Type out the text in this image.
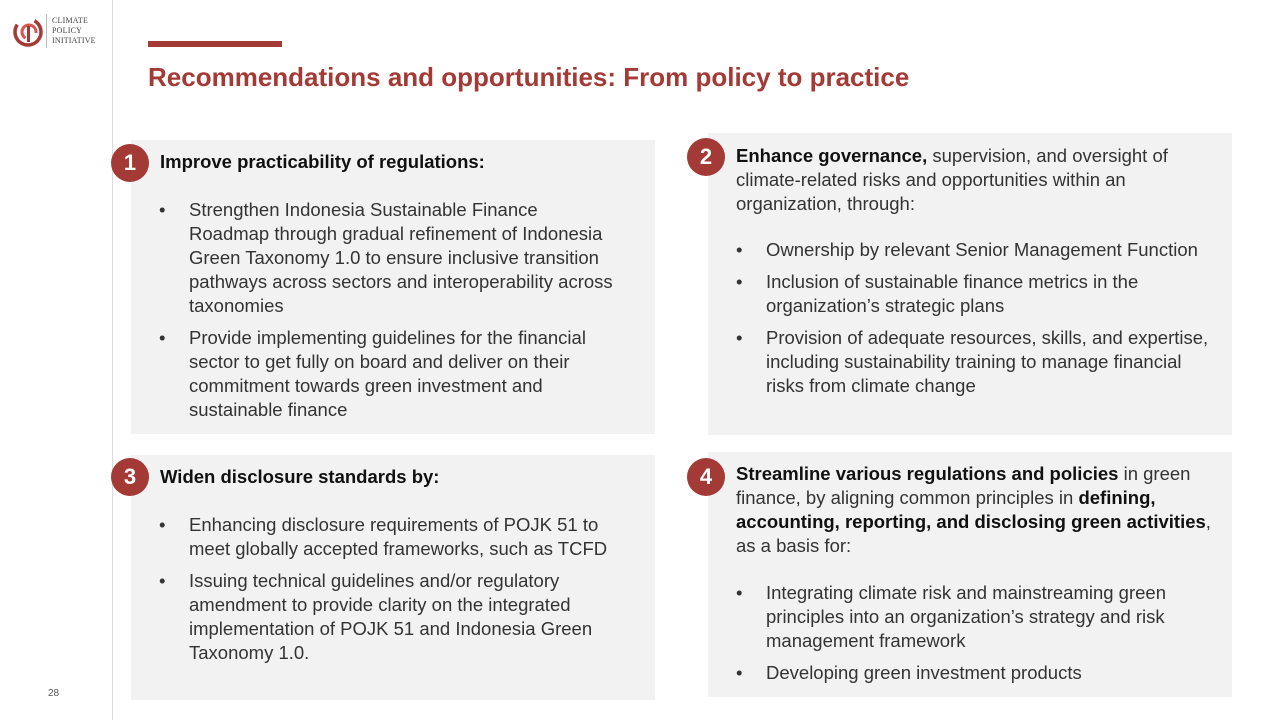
CLIMATE
POLICY
INITIATIVE
28
Recommendations and opportunities: From policy to practice
1	Improve practicability of regulations:

• Strengthen Indonesia Sustainable Finance Roadmap through gradual refinement of Indonesia Green Taxonomy 1.0 to ensure inclusive transition pathways across sectors and interoperability across taxonomies
• Provide implementing guidelines for the financial sector to get fully on board and deliver on their commitment towards green investment and sustainable finance
2	Enhance governance, supervision, and oversight of climate-related risks and opportunities within an organization, through:

• Ownership by relevant Senior Management Function
• Inclusion of sustainable finance metrics in the organization’s strategic plans
• Provision of adequate resources, skills, and expertise, including sustainability training to manage financial risks from climate change
3	Widen disclosure standards by:

• Enhancing disclosure requirements of POJK 51 to meet globally accepted frameworks, such as TCFD
• Issuing technical guidelines and/or regulatory amendment to provide clarity on the integrated implementation of POJK 51 and Indonesia Green Taxonomy 1.0.
4	Streamline various regulations and policies in green finance, by aligning common principles in defining, accounting, reporting, and disclosing green activities, as a basis for:

• Integrating climate risk and mainstreaming green principles into an organization’s strategy and risk management framework
• Developing green investment products
